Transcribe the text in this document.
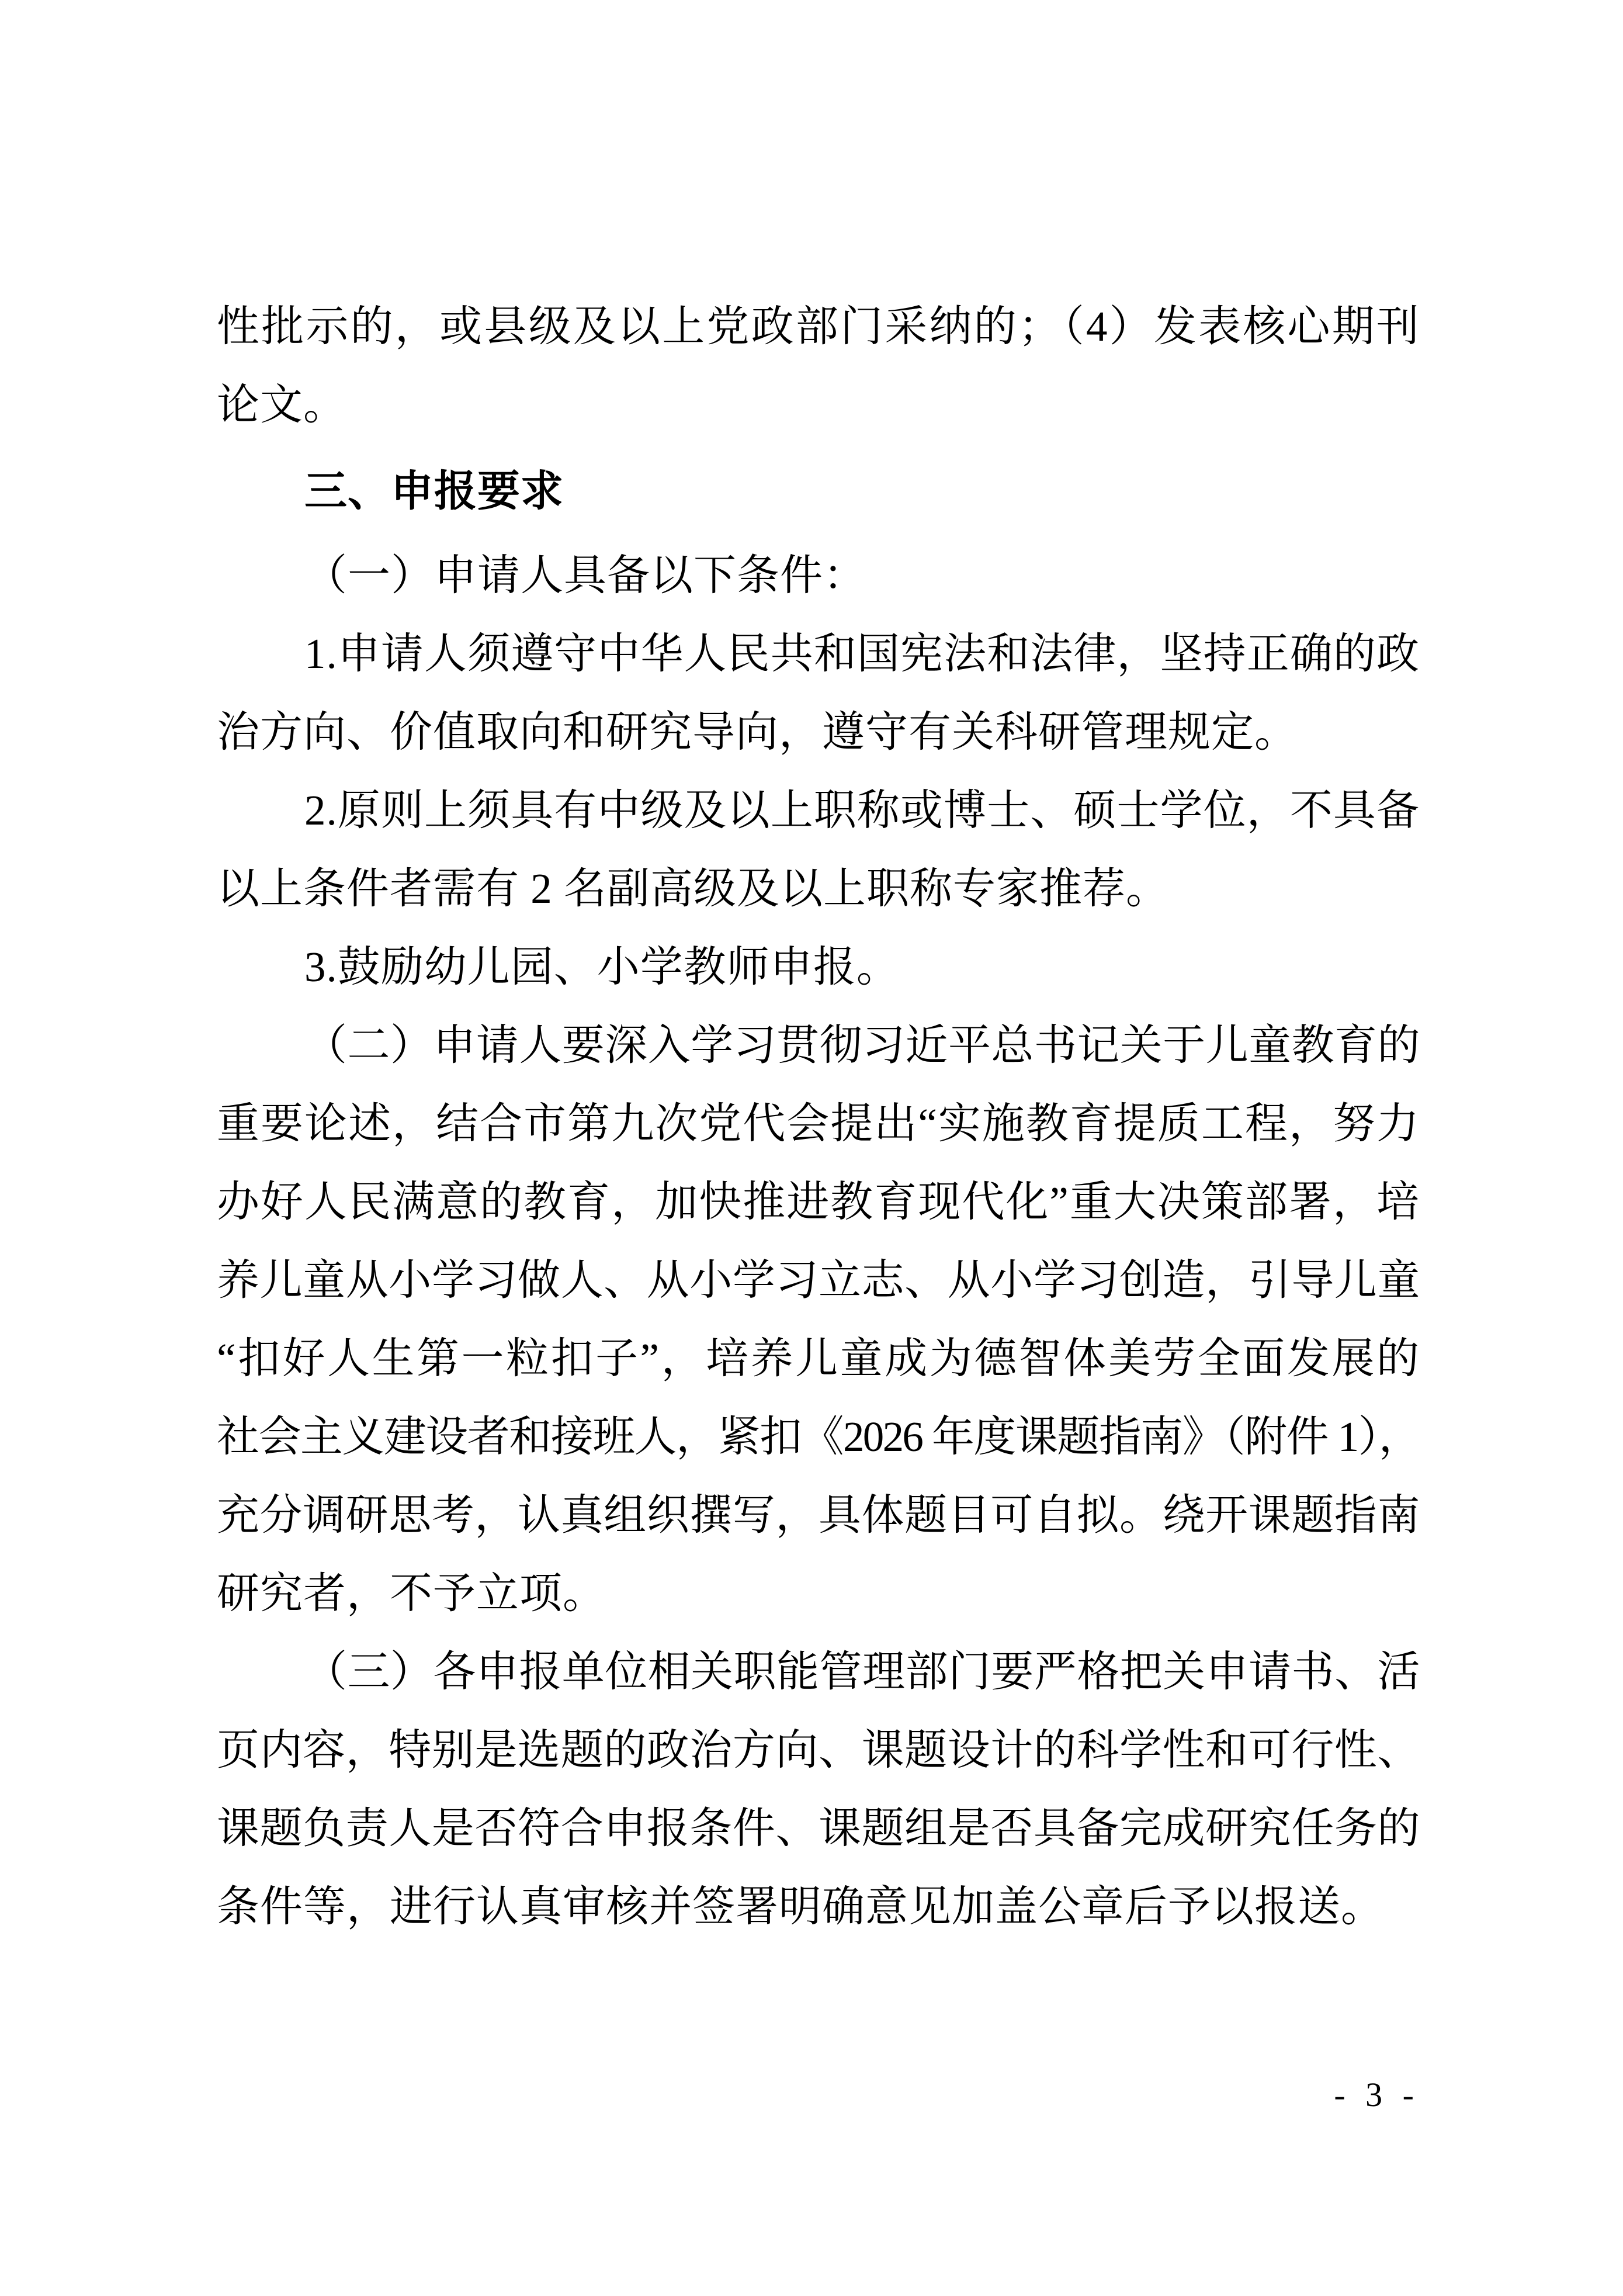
性批示的，或县级及以上党政部门采纳的；（4）发表核心期刊
论文。
三、申报要求
（一）申请人具备以下条件：
1.申请人须遵守中华人民共和国宪法和法律，坚持正确的政
治方向、价值取向和研究导向，遵守有关科研管理规定。
2.原则上须具有中级及以上职称或博士、硕士学位，不具备
以上条件者需有 2 名副高级及以上职称专家推荐。
3.鼓励幼儿园、小学教师申报。
（二）申请人要深入学习贯彻习近平总书记关于儿童教育的
重要论述，结合市第九次党代会提出“实施教育提质工程，努力
办好人民满意的教育，加快推进教育现代化”重大决策部署，培
养儿童从小学习做人、从小学习立志、从小学习创造，引导儿童
“扣好人生第一粒扣子”，培养儿童成为德智体美劳全面发展的
社会主义建设者和接班人，紧扣《2026 年度课题指南》（附件 1），
充分调研思考，认真组织撰写，具体题目可自拟。绕开课题指南
研究者，不予立项。
（三）各申报单位相关职能管理部门要严格把关申请书、活
页内容，特别是选题的政治方向、课题设计的科学性和可行性、
课题负责人是否符合申报条件、课题组是否具备完成研究任务的
条件等，进行认真审核并签署明确意见加盖公章后予以报送。
- 3 -
